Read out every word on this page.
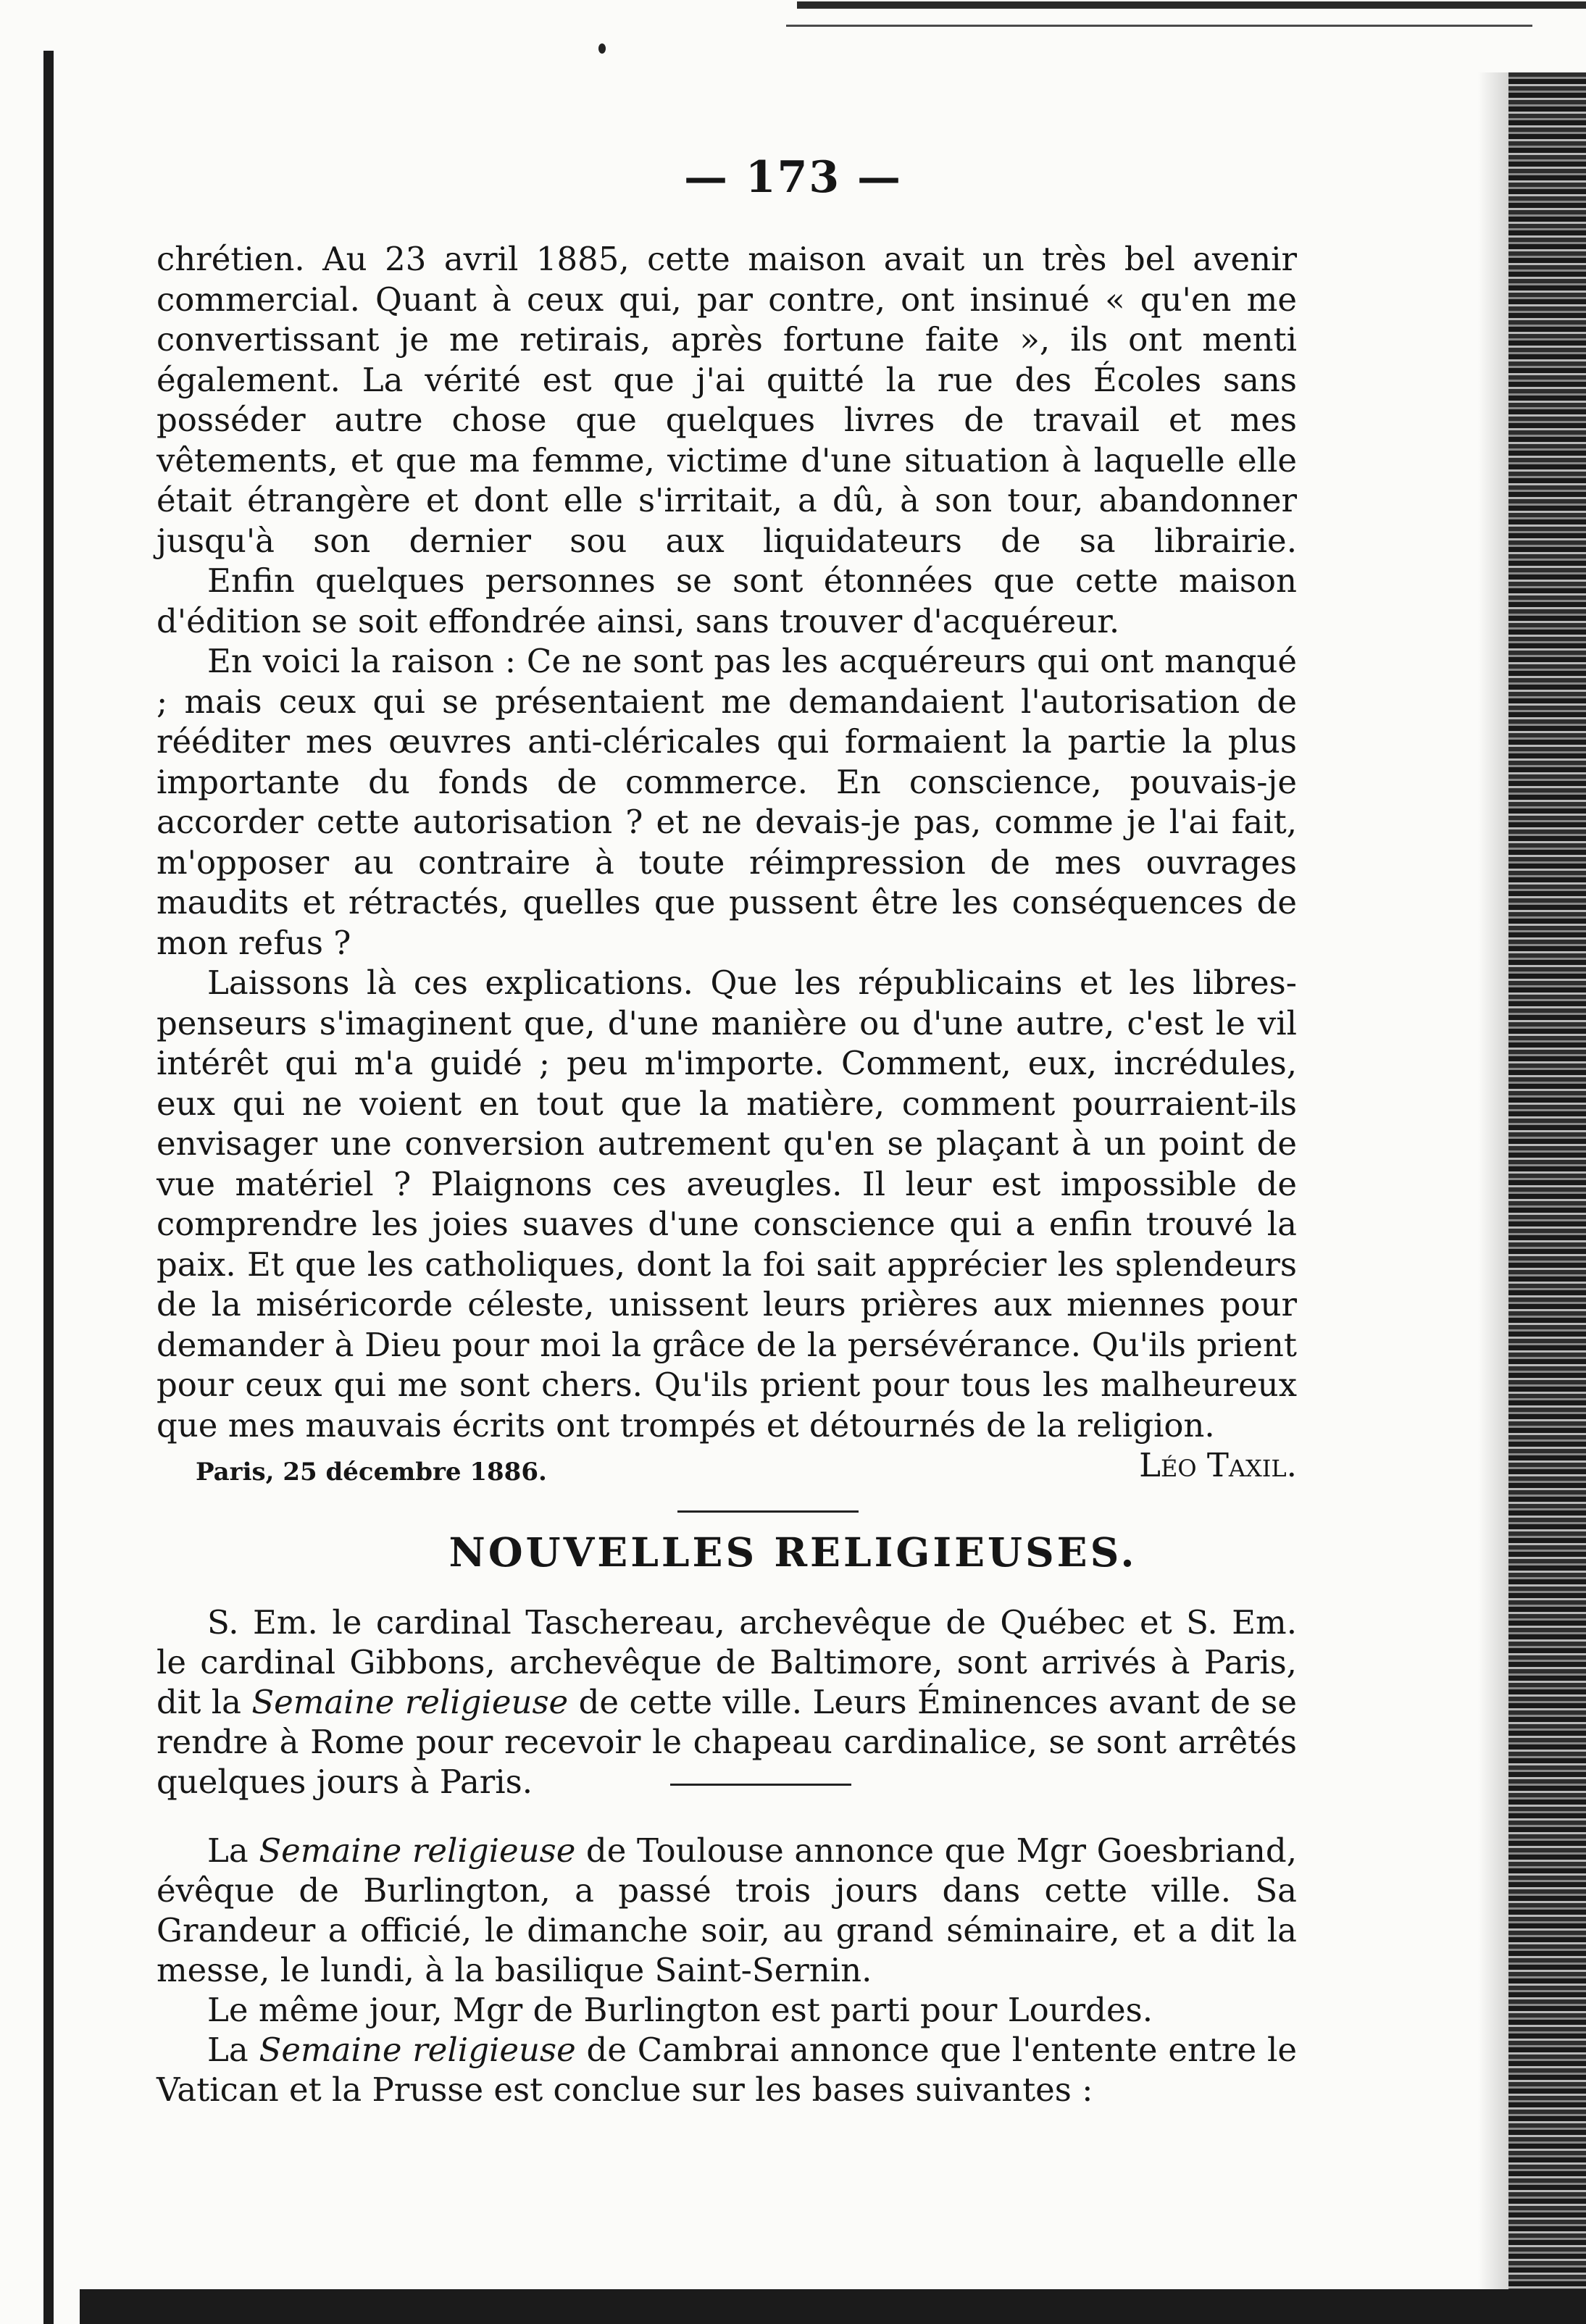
— 173 —

chrétien. Au 23 avril 1885, cette maison avait un très bel avenir commercial. Quant à ceux qui, par contre, ont insinué « qu'en me convertissant je me retirais, après fortune faite », ils ont menti également. La vérité est que j'ai quitté la rue des Écoles sans posséder autre chose que quelques livres de travail et mes vêtements, et que ma femme, victime d'une situation à laquelle elle était étrangère et dont elle s'irritait, a dû, à son tour, abandonner jusqu'à son dernier sou aux liquidateurs de sa librairie.

Enfin quelques personnes se sont étonnées que cette maison d'édition se soit effondrée ainsi, sans trouver d'acquéreur.

En voici la raison : Ce ne sont pas les acquéreurs qui ont manqué ; mais ceux qui se présentaient me demandaient l'autorisation de rééditer mes œuvres anti-cléricales qui formaient la partie la plus importante du fonds de commerce. En conscience, pouvais-je accorder cette autorisation ? et ne devais-je pas, comme je l'ai fait, m'opposer au contraire à toute réimpression de mes ouvrages maudits et rétractés, quelles que pussent être les conséquences de mon refus ?

Laissons là ces explications. Que les républicains et les libres-penseurs s'imaginent que, d'une manière ou d'une autre, c'est le vil intérêt qui m'a guidé ; peu m'importe. Comment, eux, incrédules, eux qui ne voient en tout que la matière, comment pourraient-ils envisager une conversion autrement qu'en se plaçant à un point de vue matériel ? Plaignons ces aveugles. Il leur est impossible de comprendre les joies suaves d'une conscience qui a enfin trouvé la paix. Et que les catholiques, dont la foi sait apprécier les splendeurs de la miséricorde céleste, unissent leurs prières aux miennes pour demander à Dieu pour moi la grâce de la persévérance. Qu'ils prient pour ceux qui me sont chers. Qu'ils prient pour tous les malheureux que mes mauvais écrits ont trompés et détournés de la religion.

Léo Taxil.
Paris, 25 décembre 1886.
NOUVELLES RELIGIEUSES.

S. Em. le cardinal Taschereau, archevêque de Québec et S. Em. le cardinal Gibbons, archevêque de Baltimore, sont arrivés à Paris, dit la Semaine religieuse de cette ville. Leurs Éminences avant de se rendre à Rome pour recevoir le chapeau cardinalice, se sont arrêtés quelques jours à Paris.

La Semaine religieuse de Toulouse annonce que Mgr Goesbriand, évêque de Burlington, a passé trois jours dans cette ville. Sa Grandeur a officié, le dimanche soir, au grand séminaire, et a dit la messe, le lundi, à la basilique Saint-Sernin.

Le même jour, Mgr de Burlington est parti pour Lourdes.

La Semaine religieuse de Cambrai annonce que l'entente entre le Vatican et la Prusse est conclue sur les bases suivantes :
